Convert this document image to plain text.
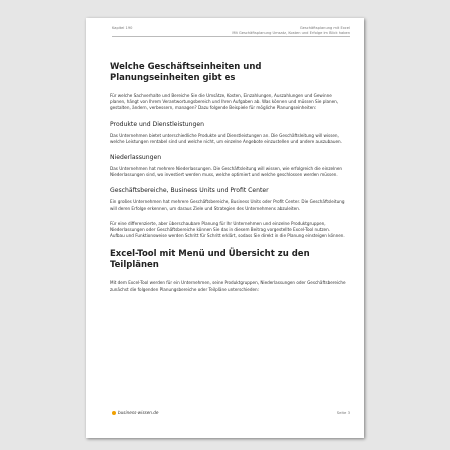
Kapitel 190	Geschäftsplanung mit Excel
Mit Geschäftsplanung Umsatz, Kosten und Erfolge im Blick haben
Welche Geschäftseinheiten und Planungseinheiten gibt es

Für welche Sachverhalte und Bereiche Sie die Umsätze, Kosten, Einzahlungen, Auszahlungen und Gewinne planen, hängt von Ihrem Verantwortungsbereich und Ihren Aufgaben ab. Was können und müssen Sie planen, gestalten, ändern, verbessern, managen? Dazu folgende Beispiele für mögliche Planungseinheiten:

Produkte und Dienstleistungen

Das Unternehmen bietet unterschiedliche Produkte und Dienstleistungen an. Die Geschäftsleitung will wissen, welche Leistungen rentabel sind und welche nicht, um einzelne Angebote einzustellen und andere auszubauen.

Niederlassungen

Das Unternehmen hat mehrere Niederlassungen. Die Geschäftsleitung will wissen, wie erfolgreich die einzelnen Niederlassungen sind, wo investiert werden muss, welche optimiert und welche geschlossen werden müssen.

Geschäftsbereiche, Business Units und Profit Center

Ein großes Unternehmen hat mehrere Geschäftsbereiche, Business Units oder Profit Center. Die Geschäftsleitung will deren Erfolge erkennen, um daraus Ziele und Strategien des Unternehmens abzuleiten.

Für eine differenzierte, aber überschaubare Planung für Ihr Unternehmen und einzelne Produktgruppen, Niederlassungen oder Geschäftsbereiche können Sie das in diesem Beitrag vorgestellte Excel-Tool nutzen. Aufbau und Funktionsweise werden Schritt für Schritt erklärt, sodass Sie direkt in die Planung einsteigen können.

Excel-Tool mit Menü und Übersicht zu den Teilplänen

Mit dem Excel-Tool werden für ein Unternehmen, seine Produktgruppen, Niederlassungen oder Geschäftsbereiche zunächst die folgenden Planungsbereiche oder Teilpläne unterschieden:

business-wissen.de	Seite 3
